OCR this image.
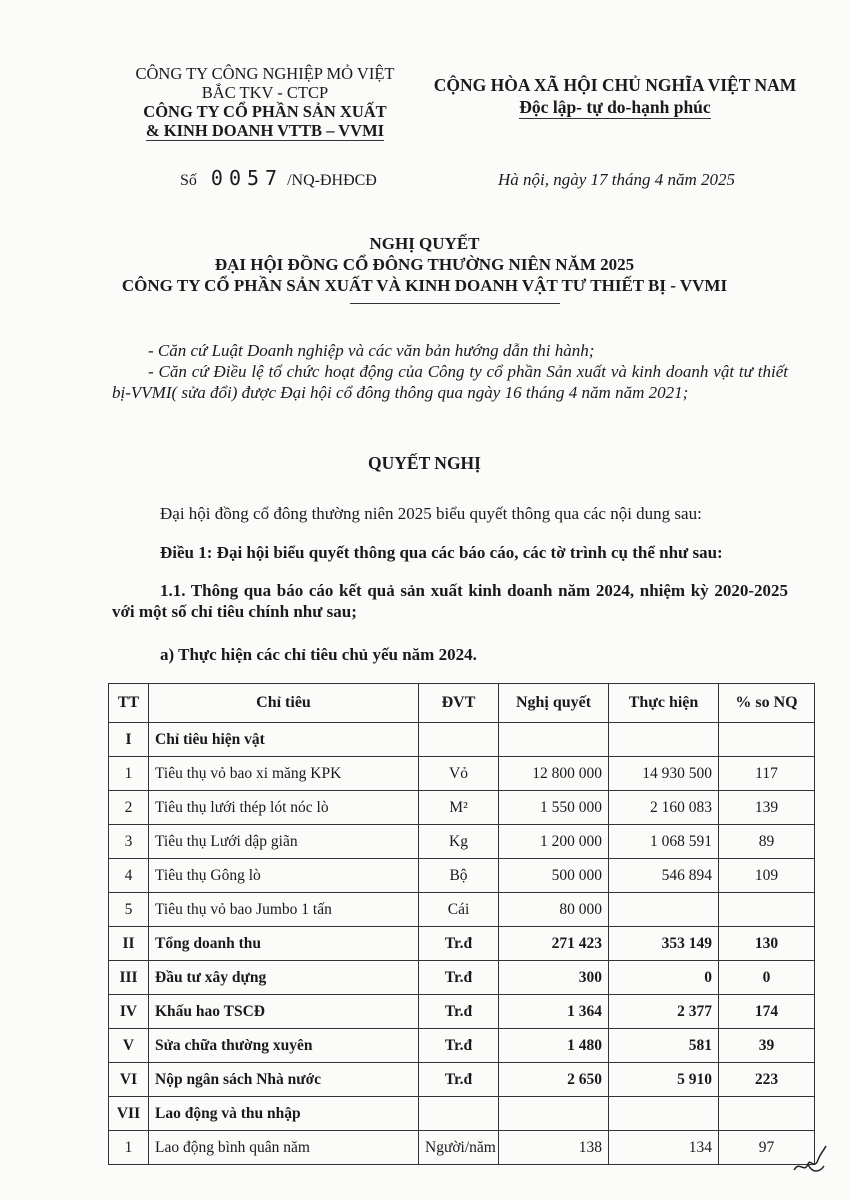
CÔNG TY CÔNG NGHIỆP MỎ VIỆT
BẮC TKV - CTCP
CÔNG TY CỔ PHẦN SẢN XUẤT
& KINH DOANH VTTB – VVMI
CỘNG HÒA XÃ HỘI CHỦ NGHĨA VIỆT NAM
Độc lập- tự do-hạnh phúc
Số 0057 /NQ-ĐHĐCĐ	Hà nội, ngày 17 tháng 4 năm 2025
NGHỊ QUYẾT
ĐẠI HỘI ĐỒNG CỔ ĐÔNG THƯỜNG NIÊN NĂM 2025
CÔNG TY CỔ PHẦN SẢN XUẤT VÀ KINH DOANH VẬT TƯ THIẾT BỊ - VVMI

- Căn cứ Luật Doanh nghiệp và các văn bản hướng dẫn thi hành;

- Căn cứ Điều lệ tổ chức hoạt động của Công ty cổ phần Sản xuất và kinh doanh vật tư thiết bị-VVMI( sửa đổi) được Đại hội cổ đông thông qua ngày 16 tháng 4 năm năm 2021;

QUYẾT NGHỊ

Đại hội đồng cổ đông thường niên 2025 biểu quyết thông qua các nội dung sau:

Điều 1: Đại hội biểu quyết thông qua các báo cáo, các tờ trình cụ thể như sau:

1.1. Thông qua báo cáo kết quả sản xuất kinh doanh năm 2024, nhiệm kỳ 2020-2025 với một số chỉ tiêu chính như sau;

a) Thực hiện các chỉ tiêu chủ yếu năm 2024.
TT	Chỉ tiêu	ĐVT	Nghị quyết	Thực hiện	% so NQ
I	Chỉ tiêu hiện vật				
1	Tiêu thụ vỏ bao xi măng KPK	Vỏ	12 800 000	14 930 500	117
2	Tiêu thụ lưới thép lót nóc lò	M²	1 550 000	2 160 083	139
3	Tiêu thụ Lưới dập giãn	Kg	1 200 000	1 068 591	89
4	Tiêu thụ Gông lò	Bộ	500 000	546 894	109
5	Tiêu thụ vỏ bao Jumbo 1 tấn	Cái	80 000		
II	Tổng doanh thu	Tr.đ	271 423	353 149	130
III	Đầu tư xây dựng	Tr.đ	300	0	0
IV	Khấu hao TSCĐ	Tr.đ	1 364	2 377	174
V	Sửa chữa thường xuyên	Tr.đ	1 480	581	39
VI	Nộp ngân sách Nhà nước	Tr.đ	2 650	5 910	223
VII	Lao động và thu nhập				
1	Lao động bình quân năm	Người/năm	138	134	97
